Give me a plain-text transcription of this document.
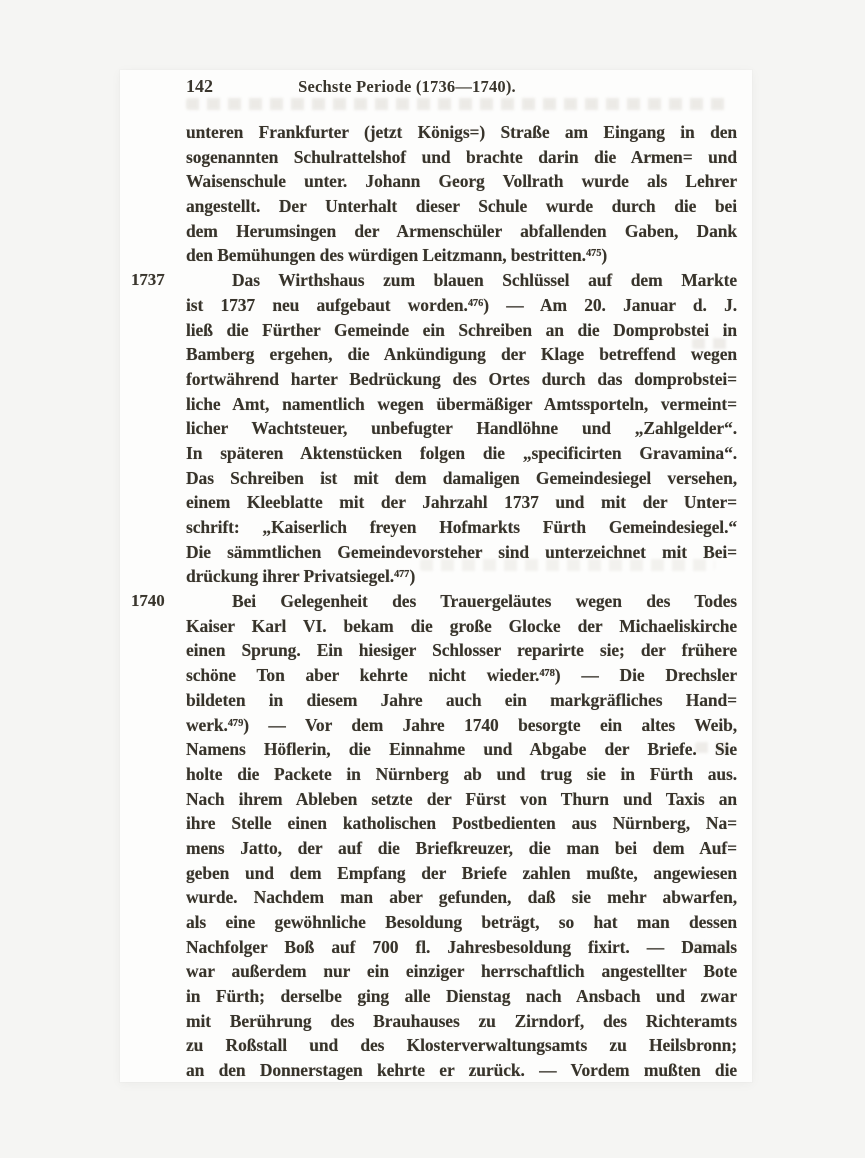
142	Sechste Periode (1736—1740).
unteren Frankfurter (jetzt Königs=) Straße am Eingang in den
sogenannten Schulrattelshof und brachte darin die Armen= und
Waisenschule unter. Johann Georg Vollrath wurde als Lehrer
angestellt. Der Unterhalt dieser Schule wurde durch die bei
dem Herumsingen der Armenschüler abfallenden Gaben, Dank
den Bemühungen des würdigen Leitzmann, bestritten.⁴⁷⁵)
Das Wirthshaus zum blauen Schlüssel auf dem Markte
1737
ist 1737 neu aufgebaut worden.⁴⁷⁶) — Am 20. Januar d. J.
ließ die Fürther Gemeinde ein Schreiben an die Domprobstei in
Bamberg ergehen, die Ankündigung der Klage betreffend wegen
fortwährend harter Bedrückung des Ortes durch das domprobstei=
liche Amt, namentlich wegen übermäßiger Amtssporteln, vermeint=
licher Wachtsteuer, unbefugter Handlöhne und „Zahlgelder“.
In späteren Aktenstücken folgen die „specificirten Gravamina“.
Das Schreiben ist mit dem damaligen Gemeindesiegel versehen,
einem Kleeblatte mit der Jahrzahl 1737 und mit der Unter=
schrift: „Kaiserlich freyen Hofmarkts Fürth Gemeindesiegel.“
Die sämmtlichen Gemeindevorsteher sind unterzeichnet mit Bei=
drückung ihrer Privatsiegel.⁴⁷⁷)
Bei Gelegenheit des Trauergeläutes wegen des Todes
1740
Kaiser Karl VI. bekam die große Glocke der Michaeliskirche
einen Sprung. Ein hiesiger Schlosser reparirte sie; der frühere
schöne Ton aber kehrte nicht wieder.⁴⁷⁸) — Die Drechsler
bildeten in diesem Jahre auch ein markgräfliches Hand=
werk.⁴⁷⁹) — Vor dem Jahre 1740 besorgte ein altes Weib,
Namens Höflerin, die Einnahme und Abgabe der Briefe. Sie
holte die Packete in Nürnberg ab und trug sie in Fürth aus.
Nach ihrem Ableben setzte der Fürst von Thurn und Taxis an
ihre Stelle einen katholischen Postbedienten aus Nürnberg, Na=
mens Jatto, der auf die Briefkreuzer, die man bei dem Auf=
geben und dem Empfang der Briefe zahlen mußte, angewiesen
wurde. Nachdem man aber gefunden, daß sie mehr abwarfen,
als eine gewöhnliche Besoldung beträgt, so hat man dessen
Nachfolger Boß auf 700 fl. Jahresbesoldung fixirt. — Damals
war außerdem nur ein einziger herrschaftlich angestellter Bote
in Fürth; derselbe ging alle Dienstag nach Ansbach und zwar
mit Berührung des Brauhauses zu Zirndorf, des Richteramts
zu Roßstall und des Klosterverwaltungsamts zu Heilsbronn;
an den Donnerstagen kehrte er zurück. — Vordem mußten die
